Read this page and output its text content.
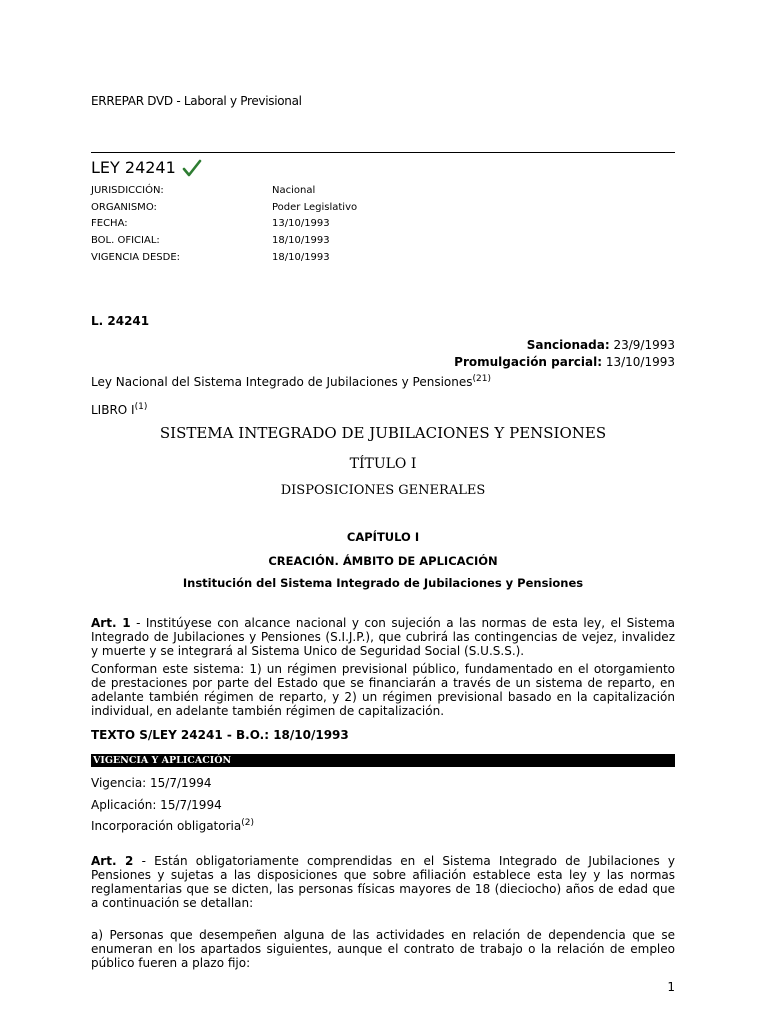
ERREPAR DVD - Laboral y Previsional
LEY 24241
JURISDICCIÓN:	Nacional
ORGANISMO:	Poder Legislativo
FECHA:	13/10/1993
BOL. OFICIAL:	18/10/1993
VIGENCIA DESDE:	18/10/1993
L. 24241
Sancionada: 23/9/1993
Promulgación parcial: 13/10/1993
Ley Nacional del Sistema Integrado de Jubilaciones y Pensiones$^{(21)}$
LIBRO $I^{(1)}$
SISTEMA INTEGRADO DE JUBILACIONES Y PENSIONES
TÍTULO I
DISPOSICIONES GENERALES
CAPÍTULO I
CREACIÓN. ÁMBITO DE APLICACIÓN
Institución del Sistema Integrado de Jubilaciones y Pensiones
Art. 1 - Institúyese con alcance nacional y con sujeción a las normas de esta ley, el Sistema Integrado de Jubilaciones y Pensiones (S.I.J.P.), que cubrirá las contingencias de vejez, invalidez y muerte y se integrará al Sistema Unico de Seguridad Social (S.U.S.S.).
Conforman este sistema: 1) un régimen previsional público, fundamentado en el otorgamiento de prestaciones por parte del Estado que se financiarán a través de un sistema de reparto, en adelante también régimen de reparto, y 2) un régimen previsional basado en la capitalización individual, en adelante también régimen de capitalización.
TEXTO S/LEY 24241 - B.O.: 18/10/1993
VIGENCIA Y APLICACIÓN
Vigencia: 15/7/1994
Aplicación: 15/7/1994
Incorporación obligatoria$^{(2)}$
Art. 2 - Están obligatoriamente comprendidas en el Sistema Integrado de Jubilaciones y Pensiones y sujetas a las disposiciones que sobre afiliación establece esta ley y las normas reglamentarias que se dicten, las personas físicas mayores de 18 (dieciocho) años de edad que a continuación se detallan:
a) Personas que desempeñen alguna de las actividades en relación de dependencia que se enumeran en los apartados siguientes, aunque el contrato de trabajo o la relación de empleo público fueren a plazo fijo:
1
